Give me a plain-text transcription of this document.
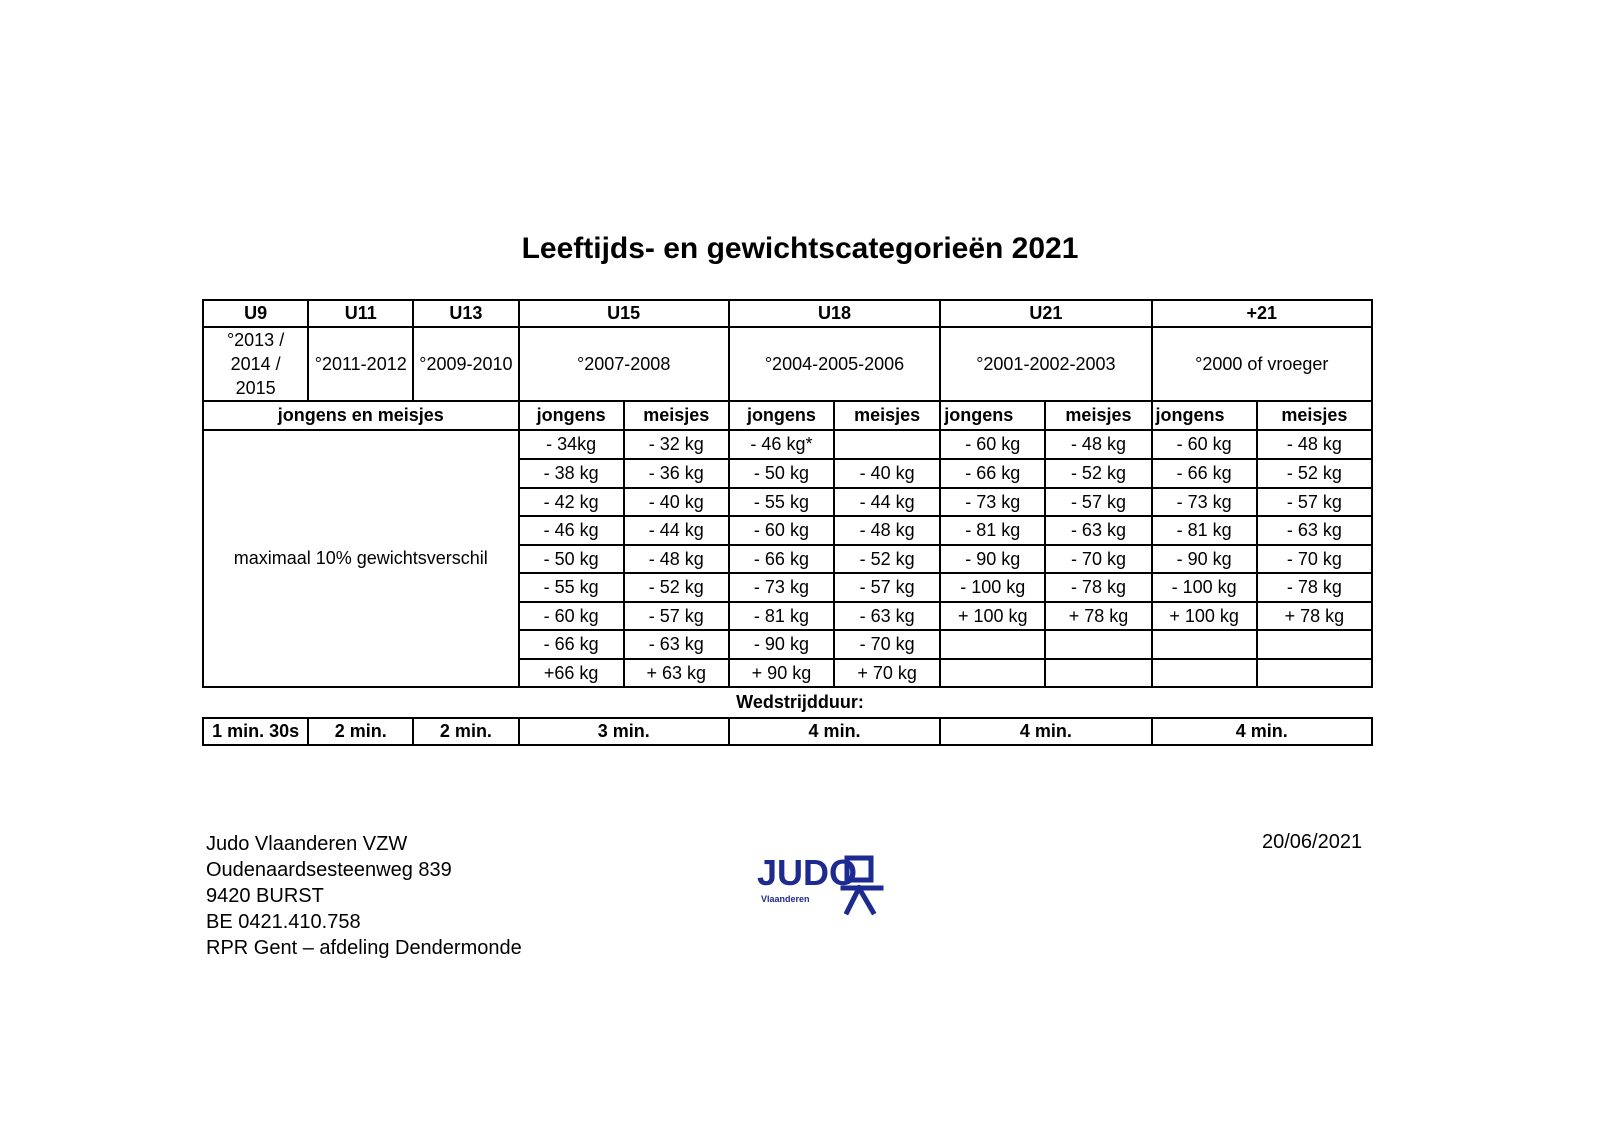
Leeftijds- en gewichtscategorieën 2021
U9	U11	U13	U15		U18		U21		+21	
°2013 /
2014 /
2015	°2011-2012	°2009-2010	°2007-2008		°2004-2005-2006		°2001-2002-2003		°2000 of vroeger	
jongens en meisjes			jongens	meisjes	jongens	meisjes	jongens	meisjes	jongens	meisjes
maximaal 10% gewichtsverschil			- 34kg	- 32 kg	- 46 kg*		- 60 kg	- 48 kg	- 60 kg	- 48 kg
			- 38 kg	- 36 kg	- 50 kg	- 40 kg	- 66 kg	- 52 kg	- 66 kg	- 52 kg
			- 42 kg	- 40 kg	- 55 kg	- 44 kg	- 73 kg	- 57 kg	- 73 kg	- 57 kg
			- 46 kg	- 44 kg	- 60 kg	- 48 kg	- 81 kg	- 63 kg	- 81 kg	- 63 kg
			- 50 kg	- 48 kg	- 66 kg	- 52 kg	- 90 kg	- 70 kg	- 90 kg	- 70 kg
			- 55 kg	- 52 kg	- 73 kg	- 57 kg	- 100 kg	- 78 kg	- 100 kg	- 78 kg
			- 60 kg	- 57 kg	- 81 kg	- 63 kg	+ 100 kg	+ 78 kg	+ 100 kg	+ 78 kg
			- 66 kg	- 63 kg	- 90 kg	- 70 kg				
			+66 kg	+ 63 kg	+ 90 kg	+ 70 kg				
Wedstrijdduur:
1 min. 30s	2 min.	2 min.	3 min.	4 min.	4 min.	4 min.
Judo Vlaanderen VZW
Oudenaardsesteenweg 839
9420 BURST
BE 0421.410.758
RPR Gent – afdeling Dendermonde
20/06/2021
JUDO
Vlaanderen
